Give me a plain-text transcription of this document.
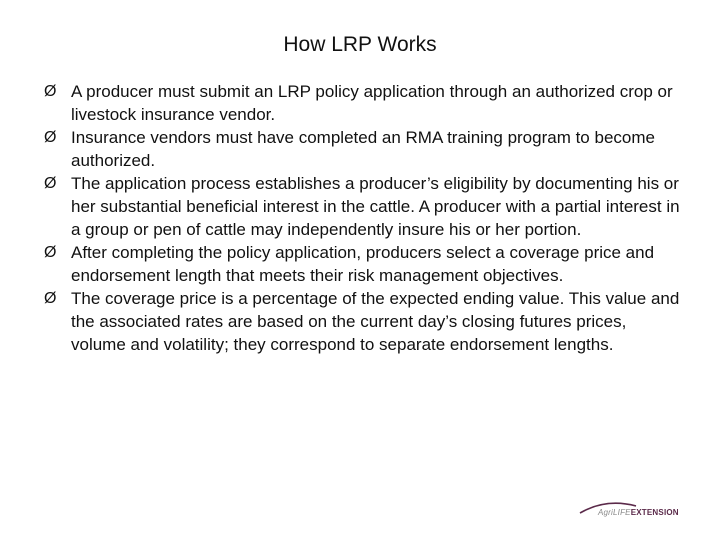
How LRP Works
Ø A producer must submit an LRP policy application through an authorized crop or livestock insurance vendor.
Ø Insurance vendors must have completed an RMA training program to become authorized.
Ø The application process establishes a producer’s eligibility by documenting his or her substantial beneficial interest in the cattle. A producer with a partial interest in a group or pen of cattle may independently insure his or her portion.
Ø After completing the policy application, producers select a coverage price and endorsement length that meets their risk management objectives.
Ø The coverage price is a percentage of the expected ending value. This value and the associated rates are based on the current day’s closing futures prices, volume and volatility; they correspond to separate endorsement lengths.
AgriLIFEEXTENSION
